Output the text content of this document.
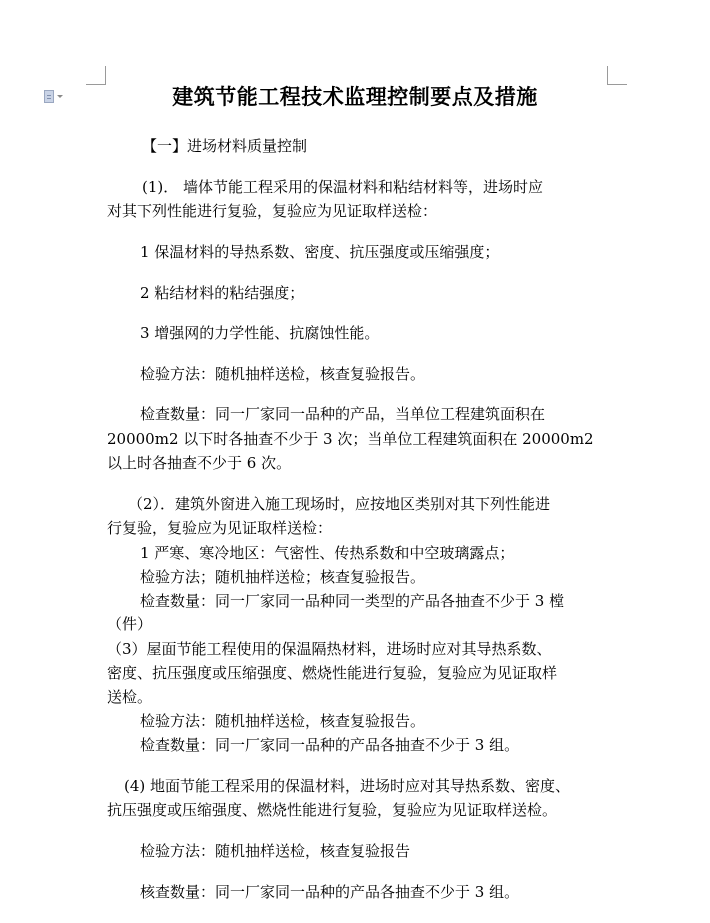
建筑节能工程技术监理控制要点及措施
【一】进场材料质量控制
(1)． 墙体节能工程采用的保温材料和粘结材料等，进场时应
对其下列性能进行复验，复验应为见证取样送检：
1 保温材料的导热系数、密度、抗压强度或压缩强度；
2 粘结材料的粘结强度；
3 增强网的力学性能、抗腐蚀性能。
检验方法：随机抽样送检，核查复验报告。
检查数量：同一厂家同一品种的产品，当单位工程建筑面积在
20000m2 以下时各抽查不少于 3 次；当单位工程建筑面积在 20000m2
以上时各抽查不少于 6 次。
（2）．建筑外窗进入施工现场时，应按地区类别对其下列性能进
行复验，复验应为见证取样送检：
1 严寒、寒冷地区：气密性、传热系数和中空玻璃露点；
检验方法；随机抽样送检；核查复验报告。
检查数量：同一厂家同一品种同一类型的产品各抽查不少于 3 樘
（件）
（3）屋面节能工程使用的保温隔热材料，进场时应对其导热系数、
密度、抗压强度或压缩强度、燃烧性能进行复验，复验应为见证取样
送检。
检验方法：随机抽样送检，核查复验报告。
检查数量：同一厂家同一品种的产品各抽查不少于 3 组。
(4) 地面节能工程采用的保温材料，进场时应对其导热系数、密度、
抗压强度或压缩强度、燃烧性能进行复验，复验应为见证取样送检。
检验方法：随机抽样送检，核查复验报告
核查数量：同一厂家同一品种的产品各抽查不少于 3 组。
